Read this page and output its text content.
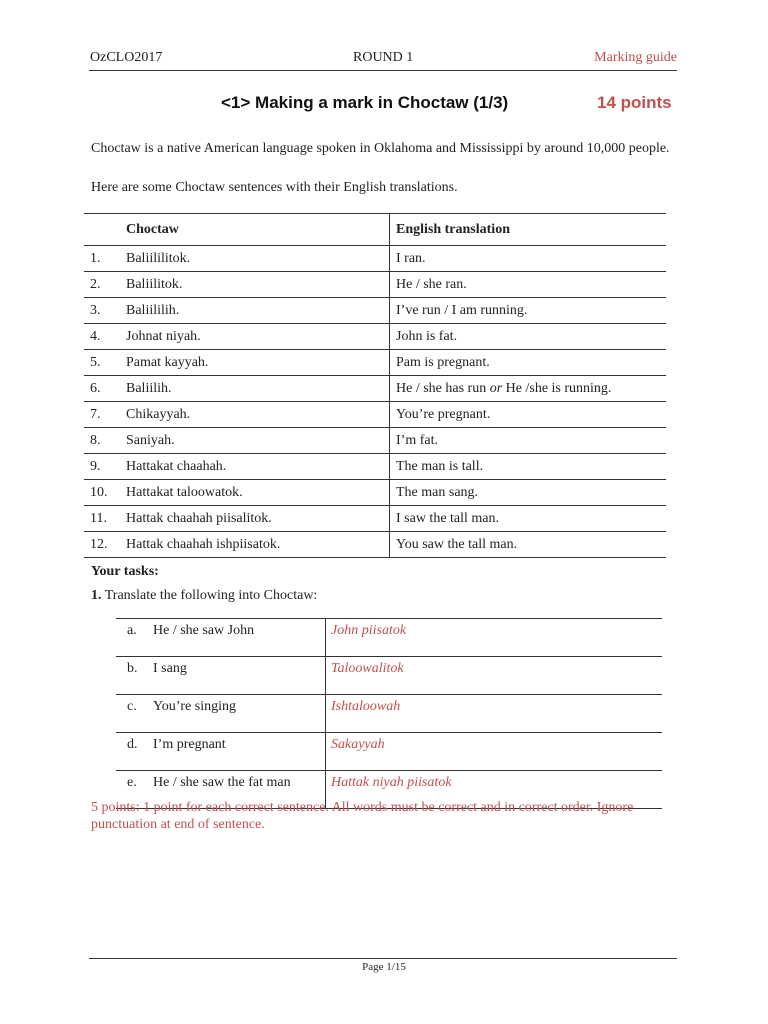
OzCLO2017	ROUND 1	Marking guide
<1> Making a mark in Choctaw (1/3)	14 points
Choctaw is a native American language spoken in Oklahoma and Mississippi by around 10,000 people.
Here are some Choctaw sentences with their English translations.
	Choctaw	English translation
1.	Baliililitok.	I ran.
2.	Baliilitok.	He / she ran.
3.	Baliililih.	I’ve run / I am running.
4.	Johnat niyah.	John is fat.
5.	Pamat kayyah.	Pam is pregnant.
6.	Baliilih.	He / she has run or He /she is running.
7.	Chikayyah.	You’re pregnant.
8.	Saniyah.	I’m fat.
9.	Hattakat chaahah.	The man is tall.
10.	Hattakat taloowatok.	The man sang.
11.	Hattak chaahah piisalitok.	I saw the tall man.
12.	Hattak chaahah ishpiisatok.	You saw the tall man.
Your tasks:
1. Translate the following into Choctaw:
a.	He / she saw John	John piisatok
b.	I sang	Taloowalitok
c.	You’re singing	Ishtaloowah
d.	I’m pregnant	Sakayyah
e.	He / she saw the fat man	Hattak niyah piisatok
5 points: 1 point for each correct sentence. All words must be correct and in correct order. Ignore punctuation at end of sentence.
Page 1/15
